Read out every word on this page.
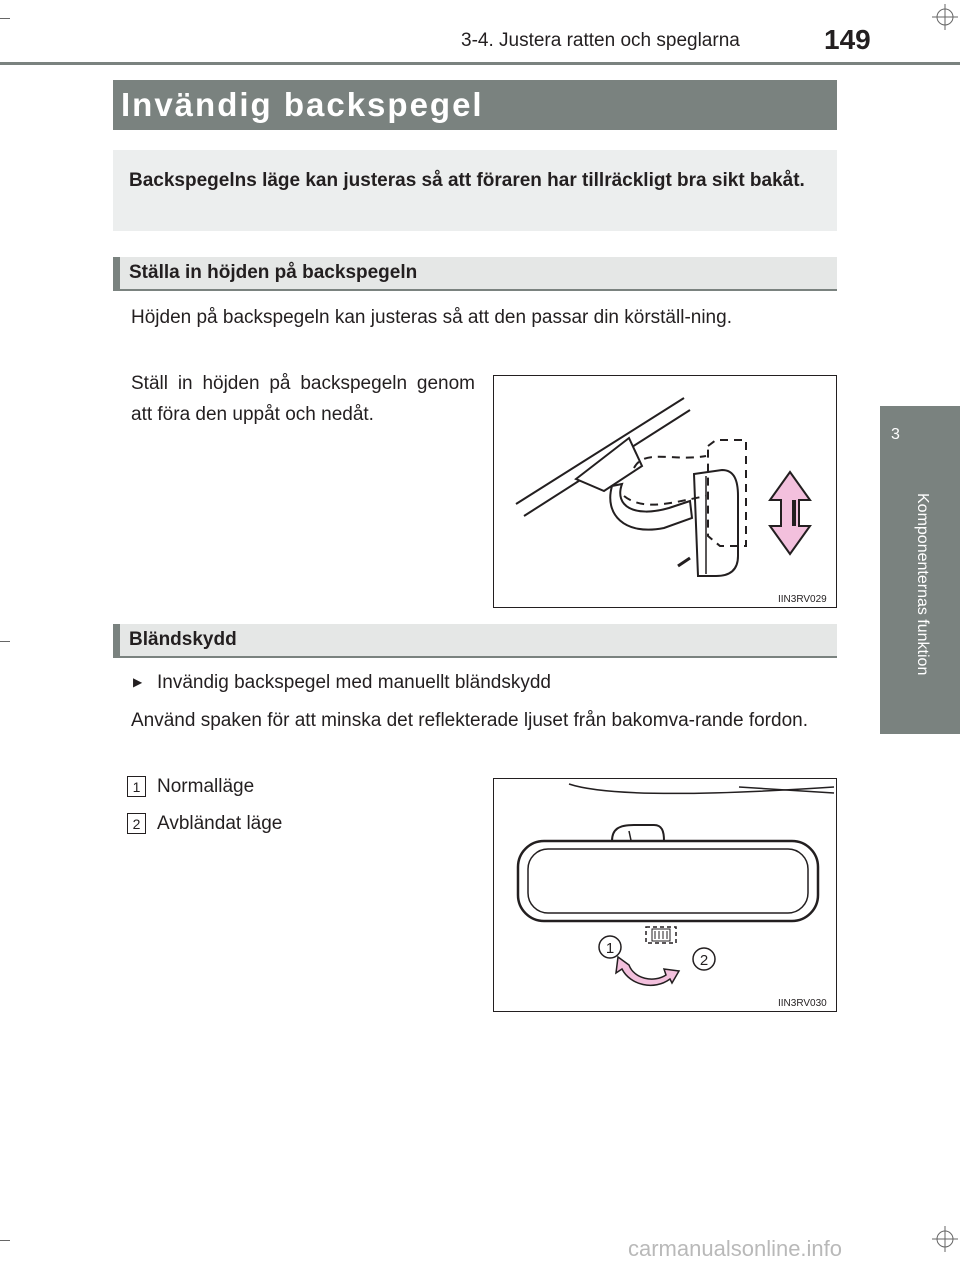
3-4. Justera ratten och speglarna	149
3
Komponenternas funktion
Invändig backspegel
Backspegelns läge kan justeras så att föraren har tillräckligt bra sikt bakåt.
Ställa in höjden på backspegeln
Höjden på backspegeln kan justeras så att den passar din körställ-ning.
Ställ in höjden på backspegeln genom att föra den uppåt och nedåt.
IIN3RV029
Bländskydd
▶ Invändig backspegel med manuellt bländskydd
Använd spaken för att minska det reflekterade ljuset från bakomva-rande fordon.
1 Normalläge
2 Avbländat läge
1
2
IIN3RV030
carmanualsonline.info
